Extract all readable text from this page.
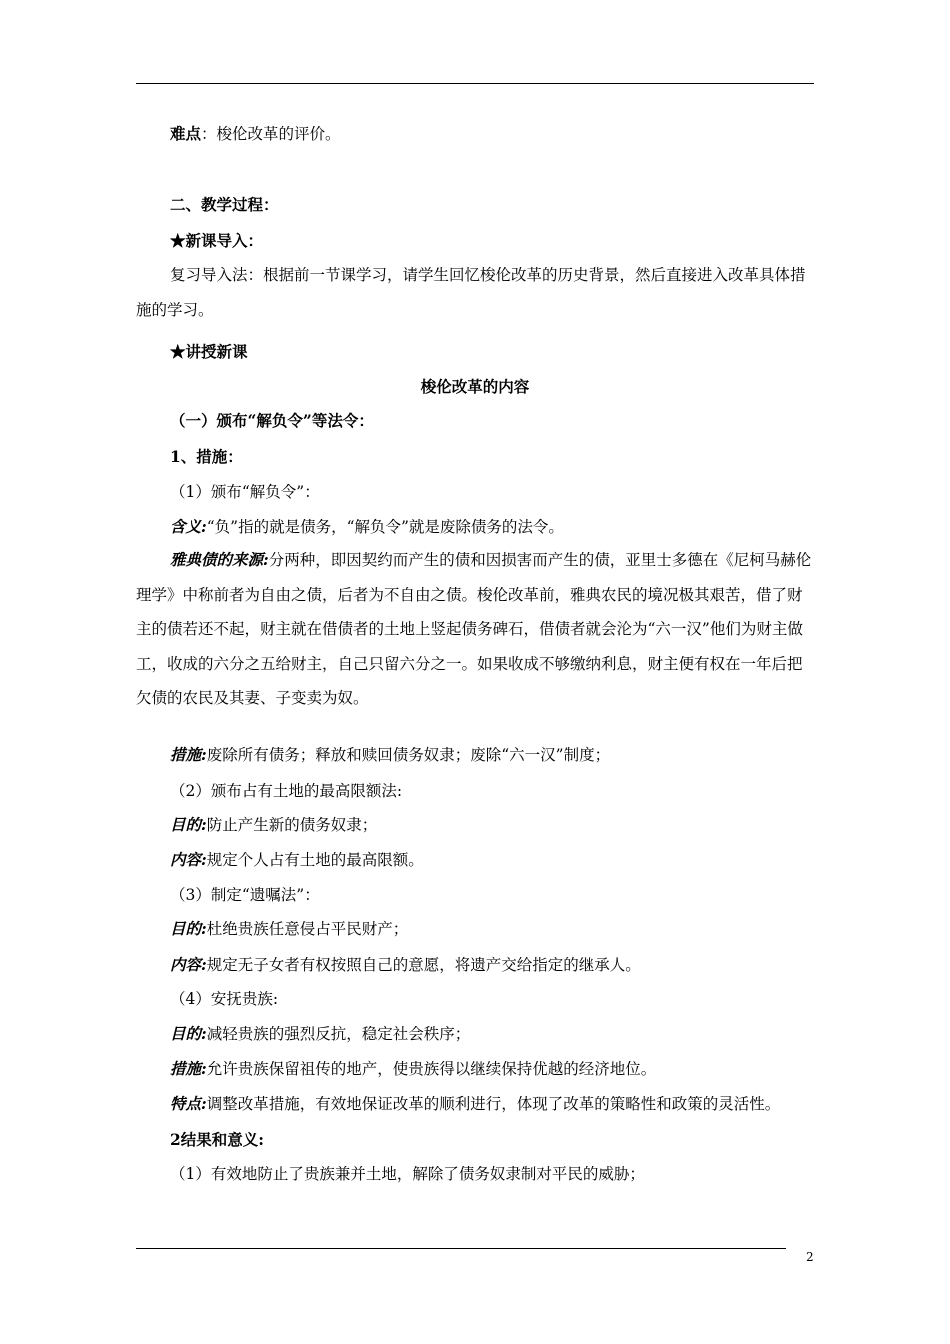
难点：梭伦改革的评价。
二、教学过程：
★新课导入：
复习导入法：根据前一节课学习，请学生回忆梭伦改革的历史背景，然后直接进入改革具体措施的学习。
★讲授新课
梭伦改革的内容
（一）颁布“解负令”等法令：
1、措施：
（1）颁布“解负令”：
含义:“负”指的就是债务，“解负令”就是废除债务的法令。
雅典债的来源:分两种，即因契约而产生的债和因损害而产生的债，亚里士多德在《尼柯马赫伦理学》中称前者为自由之债，后者为不自由之债。梭伦改革前，雅典农民的境况极其艰苦，借了财主的债若还不起，财主就在借债者的土地上竖起债务碑石，借债者就会沦为“六一汉”他们为财主做工，收成的六分之五给财主，自己只留六分之一。如果收成不够缴纳利息，财主便有权在一年后把欠债的农民及其妻、子变卖为奴。
措施:废除所有债务；释放和赎回债务奴隶；废除“六一汉”制度；
（2）颁布占有土地的最高限额法:
目的:防止产生新的债务奴隶；
内容:规定个人占有土地的最高限额。
（3）制定“遗嘱法”：
目的:杜绝贵族任意侵占平民财产；
内容:规定无子女者有权按照自己的意愿，将遗产交给指定的继承人。
（4）安抚贵族:
目的:减轻贵族的强烈反抗，稳定社会秩序；
措施:允许贵族保留祖传的地产，使贵族得以继续保持优越的经济地位。
特点:调整改革措施，有效地保证改革的顺利进行，体现了改革的策略性和政策的灵活性。
2结果和意义:
（1）有效地防止了贵族兼并土地，解除了债务奴隶制对平民的威胁；
2
